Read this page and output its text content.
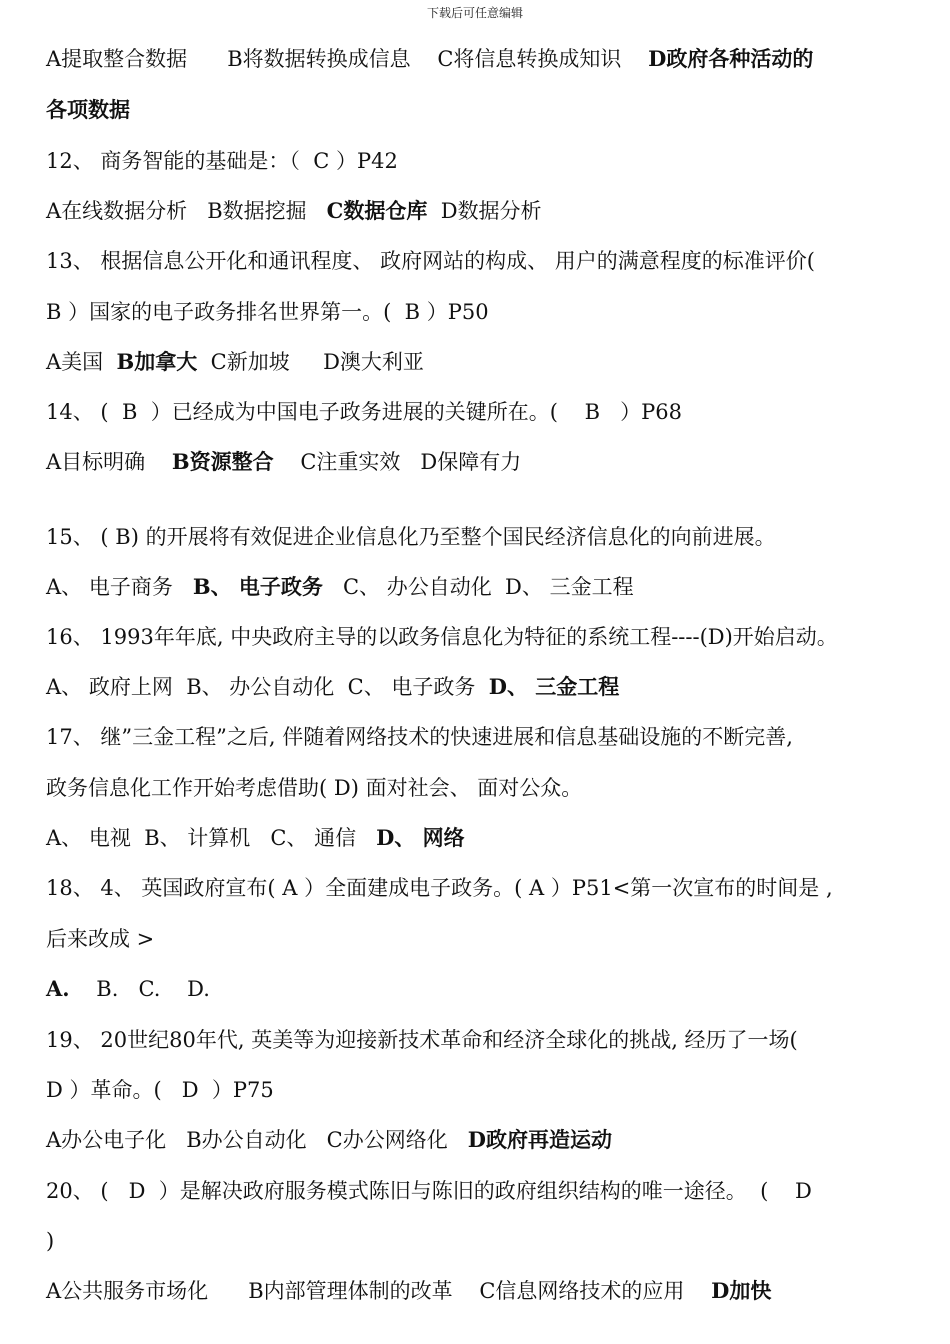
下载后可任意编辑
A提取整合数据      B将数据转换成信息    C将信息转换成知识    D政府各种活动的
各项数据
12、 商务智能的基础是：（  C ）P42
A在线数据分析   B数据挖掘   C数据仓库  D数据分析
13、 根据信息公开化和通讯程度、 政府网站的构成、 用户的满意程度的标准评价(
B ）国家的电子政务排名世界第一。(  B ）P50
A美国  B加拿大  C新加坡     D澳大利亚
14、 (  B  ）已经成为中国电子政务进展的关键所在。(    B   ）P68
A目标明确    B资源整合    C注重实效   D保障有力
15、 ( B) 的开展将有效促进企业信息化乃至整个国民经济信息化的向前进展。
A、 电子商务   B、 电子政务   C、 办公自动化  D、 三金工程
16、 1993年年底, 中央政府主导的以政务信息化为特征的系统工程----(D)开始启动。
A、 政府上网  B、 办公自动化  C、 电子政务  D、 三金工程
17、 继”三金工程”之后, 伴随着网络技术的快速进展和信息基础设施的不断完善,
政务信息化工作开始考虑借助( D) 面对社会、 面对公众。
A、 电视  B、 计算机   C、 通信   D、 网络
18、 4、 英国政府宣布( A ）全面建成电子政务。( A ）P51<第一次宣布的时间是 ,
后来改成 >
A.    B.   C.    D.
19、 20世纪80年代, 英美等为迎接新技术革命和经济全球化的挑战, 经历了一场(
D ）革命。(   D  ）P75
A办公电子化   B办公自动化   C办公网络化   D政府再造运动
20、 (   D  ）是解决政府服务模式陈旧与陈旧的政府组织结构的唯一途径。  (    D
)
A公共服务市场化      B内部管理体制的改革    C信息网络技术的应用    D加快
